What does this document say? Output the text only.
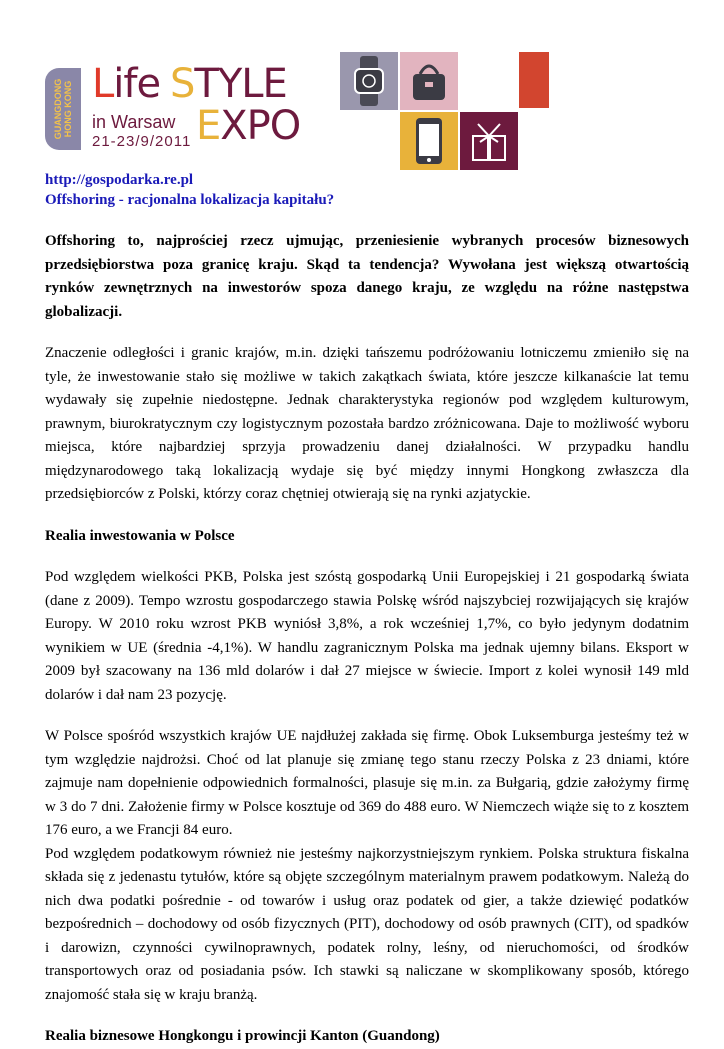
GUANGDONG
HONG KONG Life STYLE
EXPO
in Warsaw
21-23/9/2011
http://gospodarka.re.pl
Offshoring - racjonalna lokalizacja kapitału?

Offshoring to, najprościej rzecz ujmując, przeniesienie wybranych procesów biznesowych przedsiębiorstwa poza granicę kraju. Skąd ta tendencja? Wywołana jest większą otwartością rynków zewnętrznych na inwestorów spoza danego kraju, ze względu na różne następstwa globalizacji.

Znaczenie odległości i granic krajów, m.in. dzięki tańszemu podróżowaniu lotniczemu zmieniło się na tyle, że inwestowanie stało się możliwe w takich zakątkach świata, które jeszcze kilkanaście lat temu wydawały się zupełnie niedostępne. Jednak charakterystyka regionów pod względem kulturowym, prawnym, biurokratycznym czy logistycznym pozostała bardzo zróżnicowana. Daje to możliwość wyboru miejsca, które najbardziej sprzyja prowadzeniu danej działalności. W przypadku handlu międzynarodowego taką lokalizacją wydaje się być między innymi Hongkong zwłaszcza dla przedsiębiorców z Polski, którzy coraz chętniej otwierają się na rynki azjatyckie.

Realia inwestowania w Polsce

Pod względem wielkości PKB, Polska jest szóstą gospodarką Unii Europejskiej i 21 gospodarką świata (dane z 2009). Tempo wzrostu gospodarczego stawia Polskę wśród najszybciej rozwijających się krajów Europy. W 2010 roku wzrost PKB wyniósł 3,8%, a rok wcześniej 1,7%, co było jedynym dodatnim wynikiem w UE (średnia -4,1%). W handlu zagranicznym Polska ma jednak ujemny bilans. Eksport w 2009 był szacowany na 136 mld dolarów i dał 27 miejsce w świecie. Import z kolei wynosił 149 mld dolarów i dał nam 23 pozycję.

W Polsce spośród wszystkich krajów UE najdłużej zakłada się firmę. Obok Luksemburga jesteśmy też w tym względzie najdrożsi. Choć od lat planuje się zmianę tego stanu rzeczy Polska z 23 dniami, które zajmuje nam dopełnienie odpowiednich formalności, plasuje się m.in. za Bułgarią, gdzie założymy firmę w 3 do 7 dni. Założenie firmy w Polsce kosztuje od 369 do 488 euro. W Niemczech wiąże się to z kosztem 176 euro, a we Francji 84 euro.

Pod względem podatkowym również nie jesteśmy najkorzystniejszym rynkiem. Polska struktura fiskalna składa się z jedenastu tytułów, które są objęte szczególnym materialnym prawem podatkowym. Należą do nich dwa podatki pośrednie - od towarów i usług oraz podatek od gier, a także dziewięć podatków bezpośrednich – dochodowy od osób fizycznych (PIT), dochodowy od osób prawnych (CIT), od spadków i darowizn, czynności cywilnoprawnych, podatek rolny, leśny, od nieruchomości, od środków transportowych oraz od posiadania psów. Ich stawki są naliczane w skomplikowany sposób, którego znajomość stała się w kraju branżą.

Realia biznesowe Hongkongu i prowincji Kanton (Guandong)
